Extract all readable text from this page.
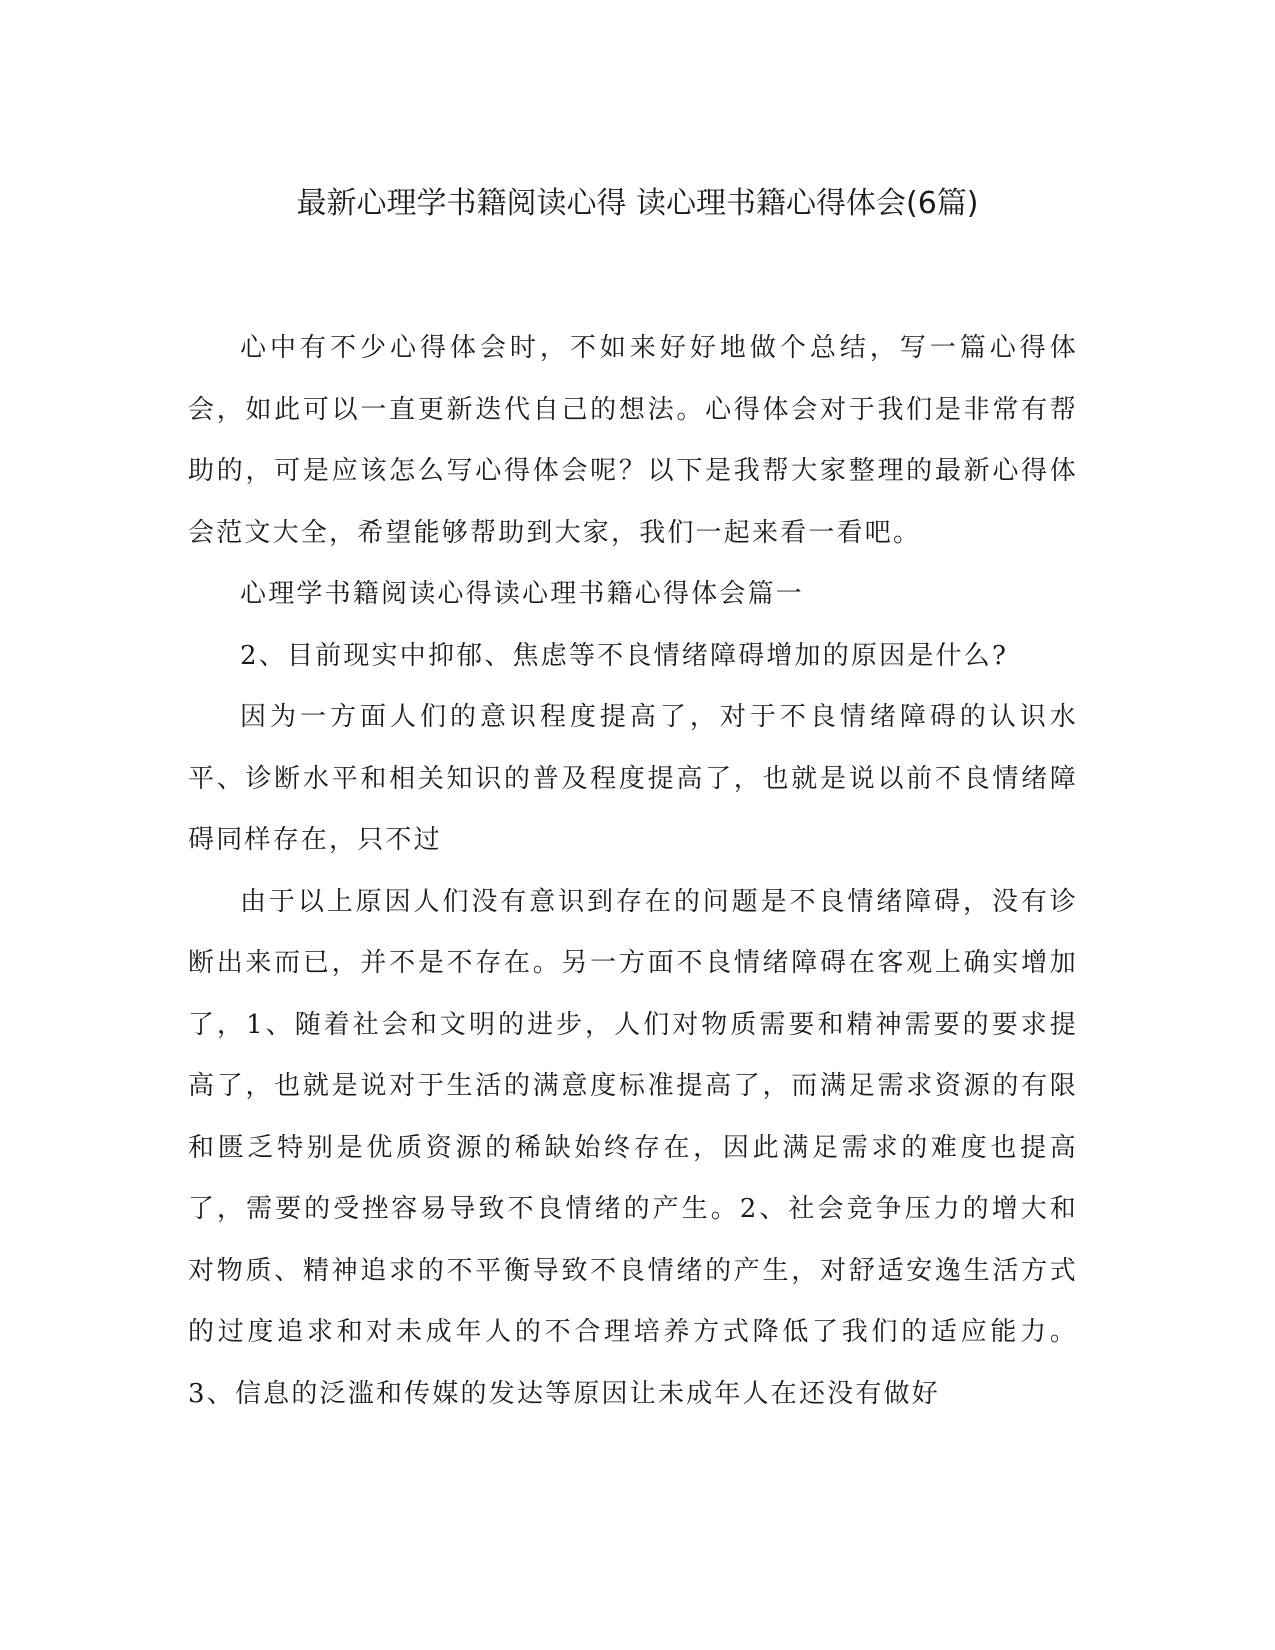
最新心理学书籍阅读心得 读心理书籍心得体会(6篇)

心中有不少心得体会时，不如来好好地做个总结，写一篇心得体会，如此可以一直更新迭代自己的想法。心得体会对于我们是非常有帮助的，可是应该怎么写心得体会呢？以下是我帮大家整理的最新心得体会范文大全，希望能够帮助到大家，我们一起来看一看吧。

心理学书籍阅读心得读心理书籍心得体会篇一

2、目前现实中抑郁、焦虑等不良情绪障碍增加的原因是什么?

因为一方面人们的意识程度提高了，对于不良情绪障碍的认识水平、诊断水平和相关知识的普及程度提高了，也就是说以前不良情绪障碍同样存在，只不过

由于以上原因人们没有意识到存在的问题是不良情绪障碍，没有诊断出来而已，并不是不存在。另一方面不良情绪障碍在客观上确实增加了，1、随着社会和文明的进步，人们对物质需要和精神需要的要求提高了，也就是说对于生活的满意度标准提高了，而满足需求资源的有限和匮乏特别是优质资源的稀缺始终存在，因此满足需求的难度也提高了，需要的受挫容易导致不良情绪的产生。2、社会竞争压力的增大和对物质、精神追求的不平衡导致不良情绪的产生，对舒适安逸生活方式的过度追求和对未成年人的不合理培养方式降低了我们的适应能力。3、信息的泛滥和传媒的发达等原因让未成年人在还没有做好
